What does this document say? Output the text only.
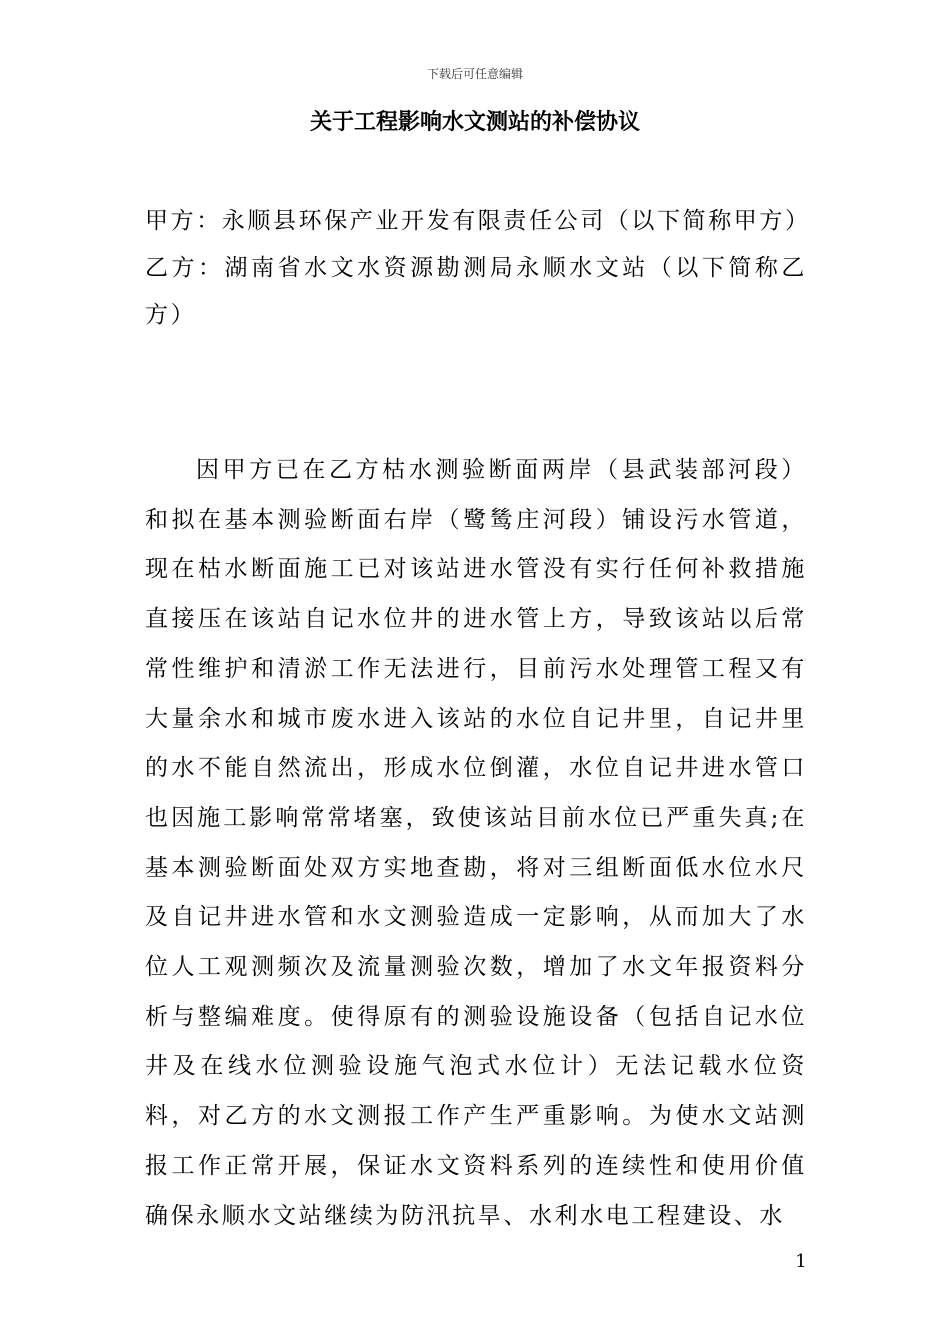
下载后可任意编辑
关于工程影响水文测站的补偿协议

甲方：永顺县环保产业开发有限责任公司（以下简称甲方）

乙方：湖南省水文水资源勘测局永顺水文站（以下简称乙方）

因甲方已在乙方枯水测验断面两岸（县武装部河段）和拟在基本测验断面右岸（鹭鸶庄河段）铺设污水管道，现在枯水断面施工已对该站进水管没有实行任何补救措施直接压在该站自记水位井的进水管上方，导致该站以后常常性维护和清淤工作无法进行，目前污水处理管工程又有大量余水和城市废水进入该站的水位自记井里，自记井里的水不能自然流出，形成水位倒灌，水位自记井进水管口也因施工影响常常堵塞，致使该站目前水位已严重失真;在基本测验断面处双方实地查勘，将对三组断面低水位水尺及自记井进水管和水文测验造成一定影响，从而加大了水位人工观测频次及流量测验次数，增加了水文年报资料分析与整编难度。使得原有的测验设施设备（包括自记水位井及在线水位测验设施气泡式水位计）无法记载水位资料，对乙方的水文测报工作产生严重影响。为使水文站测报工作正常开展，保证水文资料系列的连续性和使用价值确保永顺水文站继续为防汛抗旱、水利水电工程建设、水

1
